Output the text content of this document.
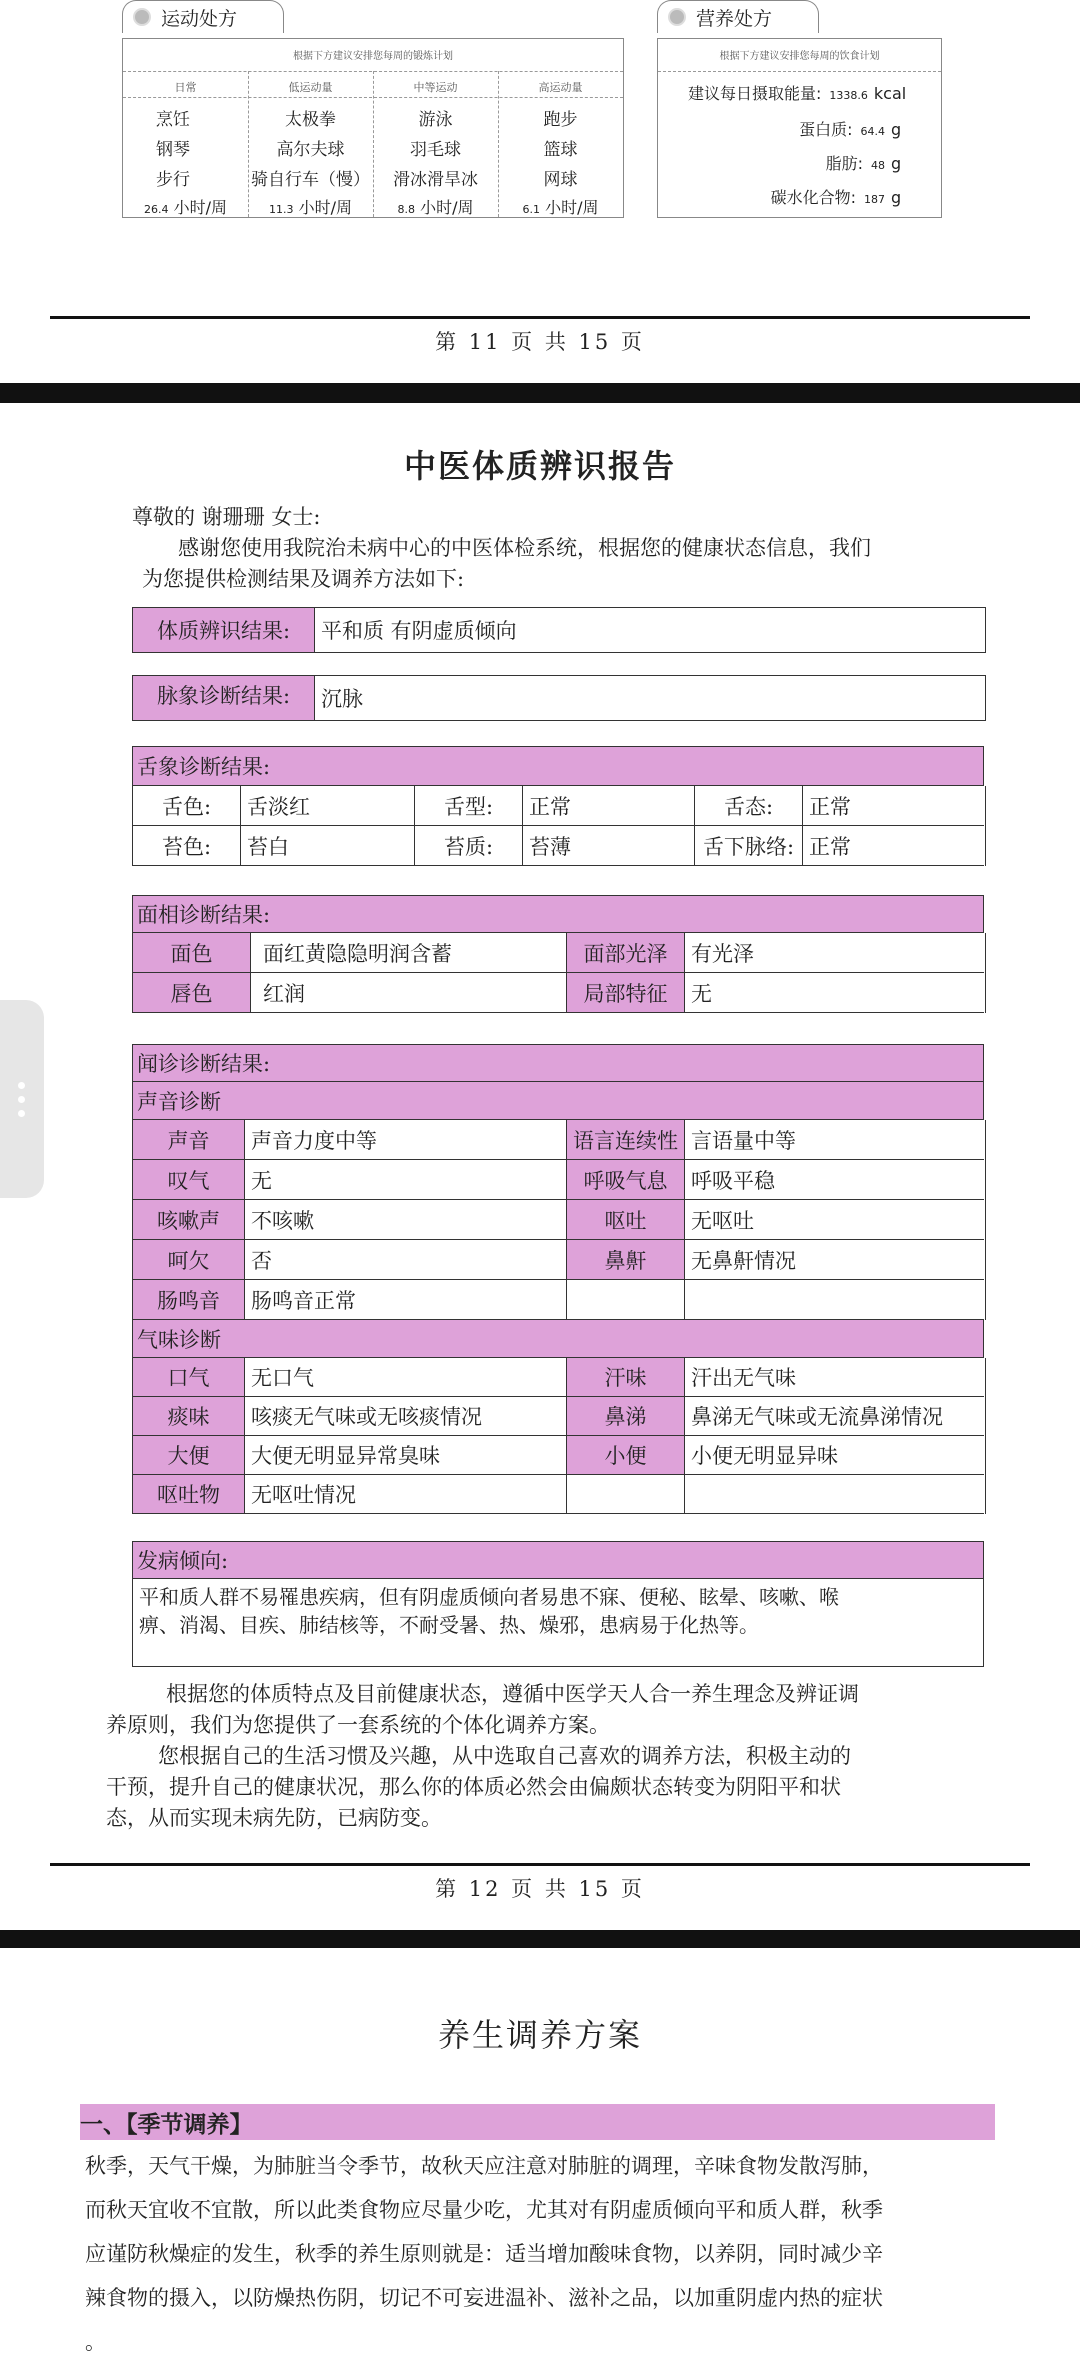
运动处方
根据下方建议安排您每周的锻炼计划
日常	低运动量	中等运动	高运动量
烹饪	太极拳	游泳	跑步
钢琴	高尔夫球	羽毛球	篮球
步行	骑自行车（慢）	滑冰滑旱冰	网球
26.4 小时/周	11.3 小时/周	8.8 小时/周	6.1 小时/周
营养处方
根据下方建议安排您每周的饮食计划
建议每日摄取能量: 1338.6 kcal
蛋白质: 64.4 g
脂肪: 48 g
碳水化合物: 187 g
第 11 页 共 15 页
中医体质辨识报告
尊敬的 谢珊珊 女士:
感谢您使用我院治未病中心的中医体检系统，根据您的健康状态信息，我们
为您提供检测结果及调养方法如下:
体质辨识结果:	平和质 有阴虚质倾向
脉象诊断结果:	沉脉
舌象诊断结果:
舌色:	舌淡红	舌型:	正常	舌态:	正常
苔色:	苔白	苔质:	苔薄	舌下脉络: 正常
面相诊断结果:
面色	面红黄隐隐明润含蓄	面部光泽	有光泽
唇色	红润	局部特征	无
闻诊诊断结果:
声音诊断
声音	声音力度中等	语言连续性 言语量中等
叹气	无	呼吸气息	呼吸平稳
咳嗽声	不咳嗽	呕吐	无呕吐
呵欠	否	鼻鼾	无鼻鼾情况
肠鸣音	肠鸣音正常
气味诊断
口气	无口气	汗味	汗出无气味
痰味	咳痰无气味或无咳痰情况	鼻涕	鼻涕无气味或无流鼻涕情况
大便	大便无明显异常臭味	小便	小便无明显异味
呕吐物	无呕吐情况
发病倾向:
平和质人群不易罹患疾病，但有阴虚质倾向者易患不寐、便秘、眩晕、咳嗽、喉
痹、消渴、目疾、肺结核等，不耐受暑、热、燥邪，患病易于化热等。
根据您的体质特点及目前健康状态，遵循中医学天人合一养生理念及辨证调
养原则，我们为您提供了一套系统的个体化调养方案。
您根据自己的生活习惯及兴趣，从中选取自己喜欢的调养方法，积极主动的
干预，提升自己的健康状况，那么你的体质必然会由偏颇状态转变为阴阳平和状
态，从而实现未病先防，已病防变。
第 12 页 共 15 页
养生调养方案
一、【季节调养】
秋季，天气干燥，为肺脏当令季节，故秋天应注意对肺脏的调理，辛味食物发散泻肺，
而秋天宜收不宜散，所以此类食物应尽量少吃，尤其对有阴虚质倾向平和质人群，秋季
应谨防秋燥症的发生，秋季的养生原则就是：适当增加酸味食物，以养阴，同时减少辛
辣食物的摄入，以防燥热伤阴，切记不可妄进温补、滋补之品，以加重阴虚内热的症状
。
